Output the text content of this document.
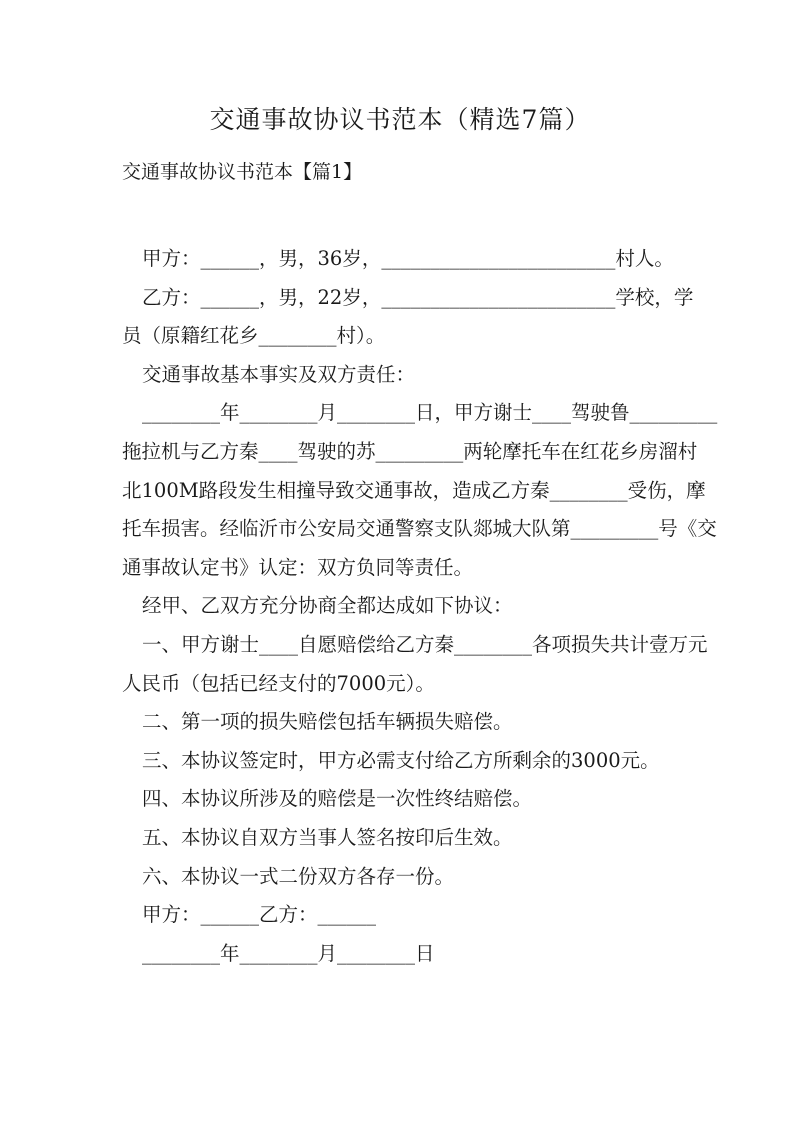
交通事故协议书范本（精选7篇）
交通事故协议书范本【篇1】
甲方：______，男，36岁，________________________村人。
乙方：______，男，22岁，________________________学校，学
员（原籍红花乡________村）。
交通事故基本事实及双方责任：
________年________月________日，甲方谢士____驾驶鲁_________
拖拉机与乙方秦____驾驶的苏_________两轮摩托车在红花乡房溜村
北100M路段发生相撞导致交通事故，造成乙方秦________受伤，摩
托车损害。经临沂市公安局交通警察支队郯城大队第_________号《交
通事故认定书》认定：双方负同等责任。
经甲、乙双方充分协商全都达成如下协议：
一、甲方谢士____自愿赔偿给乙方秦________各项损失共计壹万元
人民币（包括已经支付的7000元）。
二、第一项的损失赔偿包括车辆损失赔偿。
三、本协议签定时，甲方必需支付给乙方所剩余的3000元。
四、本协议所涉及的赔偿是一次性终结赔偿。
五、本协议自双方当事人签名按印后生效。
六、本协议一式二份双方各存一份。
甲方：______乙方：______
________年________月________日
